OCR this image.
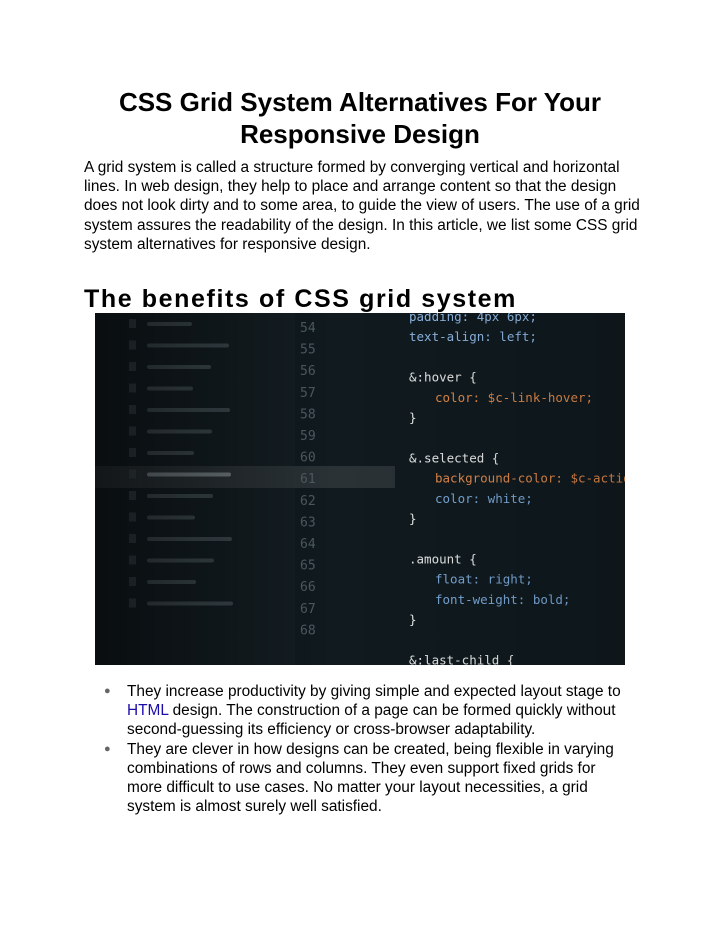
CSS Grid System Alternatives For Your Responsive Design

A grid system is called a structure formed by converging vertical and horizontal lines. In web design, they help to place and arrange content so that the design does not look dirty and to some area, to guide the view of users. The use of a grid system assures the readability of the design. In this article, we list some CSS grid system alternatives for responsive design.

The benefits of CSS grid system
● They increase productivity by giving simple and expected layout stage to HTML design. The construction of a page can be formed quickly without second-guessing its efficiency or cross-browser adaptability.
● They are clever in how designs can be created, being flexible in varying combinations of rows and columns. They even support fixed grids for more difficult to use cases. No matter your layout necessities, a grid system is almost surely well satisfied.
